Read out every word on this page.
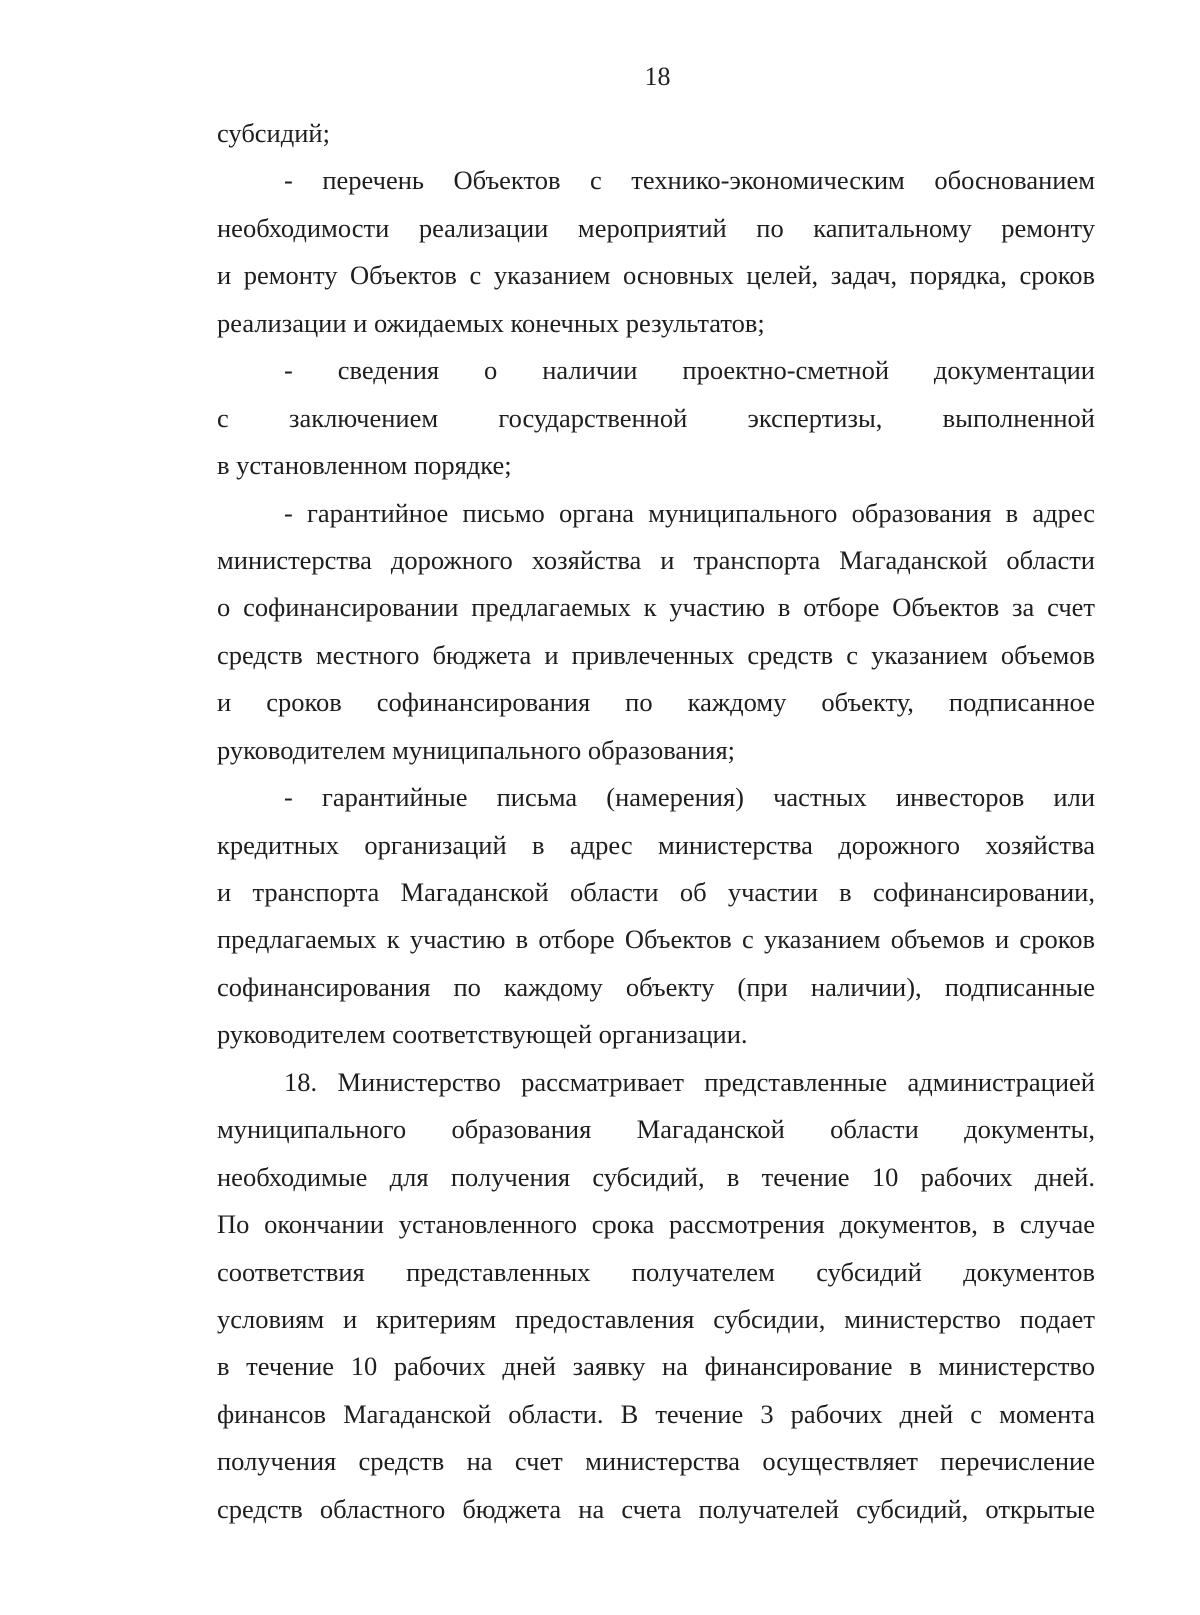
18
субсидий;
- перечень Объектов с технико-экономическим обоснованием
необходимости реализации мероприятий по капитальному ремонту
и ремонту Объектов с указанием основных целей, задач, порядка, сроков
реализации и ожидаемых конечных результатов;
- сведения о наличии проектно-сметной документации
с заключением государственной экспертизы, выполненной
в установленном порядке;
- гарантийное письмо органа муниципального образования в адрес
министерства дорожного хозяйства и транспорта Магаданской области
о софинансировании предлагаемых к участию в отборе Объектов за счет
средств местного бюджета и привлеченных средств с указанием объемов
и сроков софинансирования по каждому объекту, подписанное
руководителем муниципального образования;
- гарантийные письма (намерения) частных инвесторов или
кредитных организаций в адрес министерства дорожного хозяйства
и транспорта Магаданской области об участии в софинансировании,
предлагаемых к участию в отборе Объектов с указанием объемов и сроков
софинансирования по каждому объекту (при наличии), подписанные
руководителем соответствующей организации.
18. Министерство рассматривает представленные администрацией
муниципального образования Магаданской области документы,
необходимые для получения субсидий, в течение 10 рабочих дней.
По окончании установленного срока рассмотрения документов, в случае
соответствия представленных получателем субсидий документов
условиям и критериям предоставления субсидии, министерство подает
в течение 10 рабочих дней заявку на финансирование в министерство
финансов Магаданской области. В течение 3 рабочих дней с момента
получения средств на счет министерства осуществляет перечисление
средств областного бюджета на счета получателей субсидий, открытые
